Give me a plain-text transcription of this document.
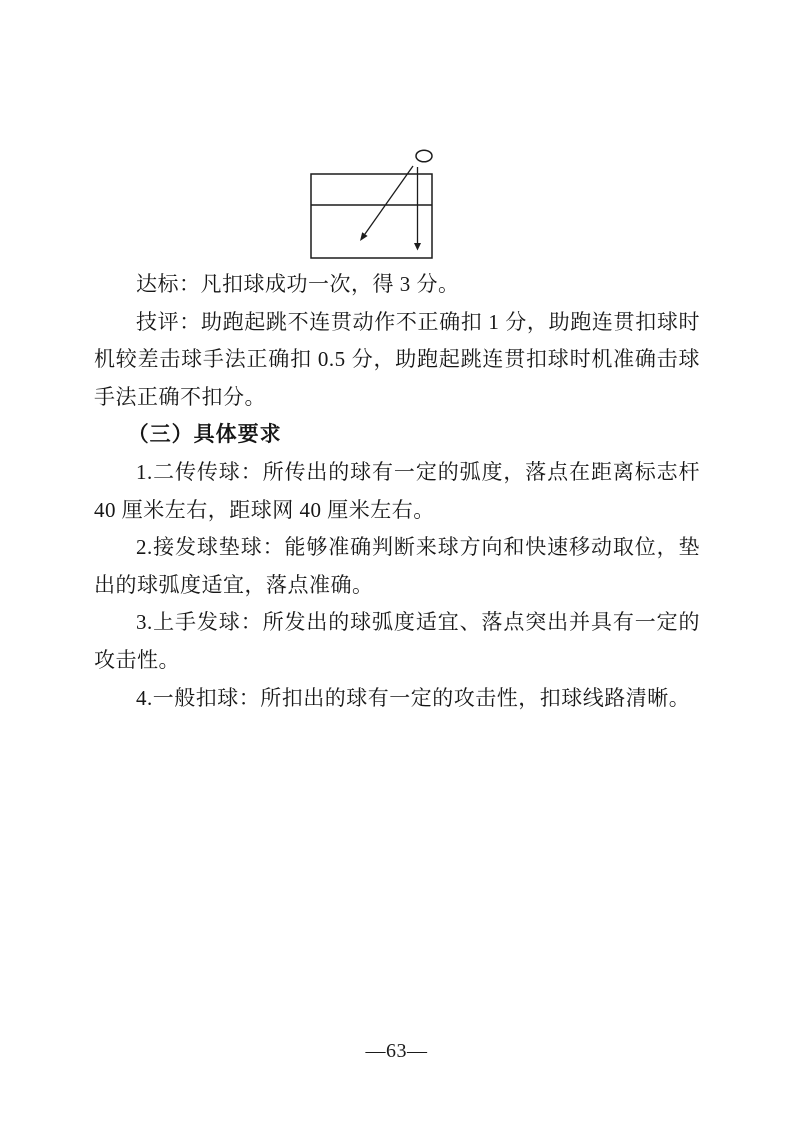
达标：凡扣球成功一次，得 3 分。

技评：助跑起跳不连贯动作不正确扣 1 分，助跑连贯扣球时机较差击球手法正确扣 0.5 分，助跑起跳连贯扣球时机准确击球手法正确不扣分。

（三）具体要求

1.二传传球：所传出的球有一定的弧度，落点在距离标志杆 40 厘米左右，距球网 40 厘米左右。

2.接发球垫球：能够准确判断来球方向和快速移动取位，垫出的球弧度适宜，落点准确。

3.上手发球：所发出的球弧度适宜、落点突出并具有一定的攻击性。

4.一般扣球：所扣出的球有一定的攻击性，扣球线路清晰。

—63—
